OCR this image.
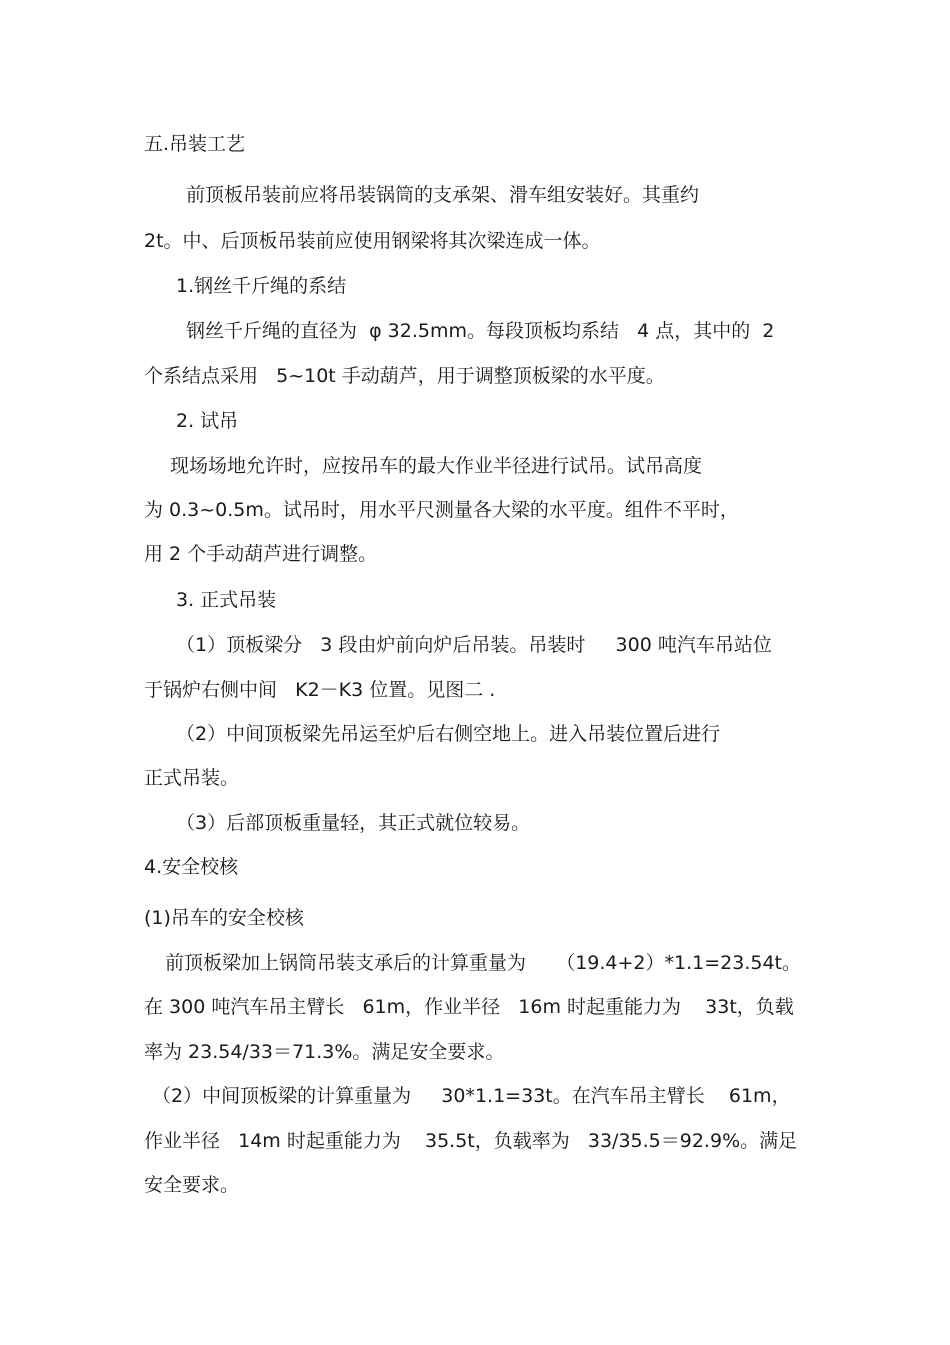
五.吊装工艺
前顶板吊装前应将吊装锅筒的支承架、滑车组安装好。其重约
2t。中、后顶板吊装前应使用钢梁将其次梁连成一体。
1.钢丝千斤绳的系结
钢丝千斤绳的直径为  φ 32.5mm。每段顶板均系结   4 点，其中的  2
个系结点采用   5~10t 手动葫芦，用于调整顶板梁的水平度。
2. 试吊
现场场地允许时，应按吊车的最大作业半径进行试吊。试吊高度
为 0.3~0.5m。试吊时，用水平尺测量各大梁的水平度。组件不平时，
用 2 个手动葫芦进行调整。
3. 正式吊装
（1）顶板梁分   3 段由炉前向炉后吊装。吊装时     300 吨汽车吊站位
于锅炉右侧中间   K2－K3 位置。见图二 .
（2）中间顶板梁先吊运至炉后右侧空地上。进入吊装位置后进行
正式吊装。
（3）后部顶板重量轻，其正式就位较易。
4.安全校核
(1)吊车的安全校核
前顶板梁加上锅筒吊装支承后的计算重量为     （19.4+2）*1.1=23.54t。
在 300 吨汽车吊主臂长   61m，作业半径   16m 时起重能力为    33t，负载
率为 23.54/33＝71.3%。满足安全要求。
（2）中间顶板梁的计算重量为     30*1.1=33t。在汽车吊主臂长    61m，
作业半径   14m 时起重能力为    35.5t，负载率为   33/35.5＝92.9%。满足
安全要求。
